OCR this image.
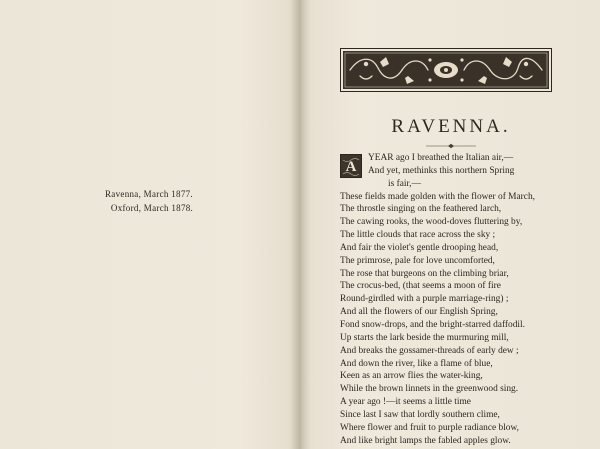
Ravenna, March 1877.
Oxford, March 1878.
RAVENNA.
A
YEAR ago I breathed the Italian air,—
And yet, methinks this northern Spring
is fair,—
These fields made golden with the flower of March,
The throstle singing on the feathered larch,
The cawing rooks, the wood-doves fluttering by,
The little clouds that race across the sky ;
And fair the violet's gentle drooping head,
The primrose, pale for love uncomforted,
The rose that burgeons on the climbing briar,
The crocus-bed, (that seems a moon of fire
Round-girdled with a purple marriage-ring) ;
And all the flowers of our English Spring,
Fond snow-drops, and the bright-starred daffodil.
Up starts the lark beside the murmuring mill,
And breaks the gossamer-threads of early dew ;
And down the river, like a flame of blue,
Keen as an arrow flies the water-king,
While the brown linnets in the greenwood sing.
A year ago !—it seems a little time
Since last I saw that lordly southern clime,
Where flower and fruit to purple radiance blow,
And like bright lamps the fabled apples glow.
